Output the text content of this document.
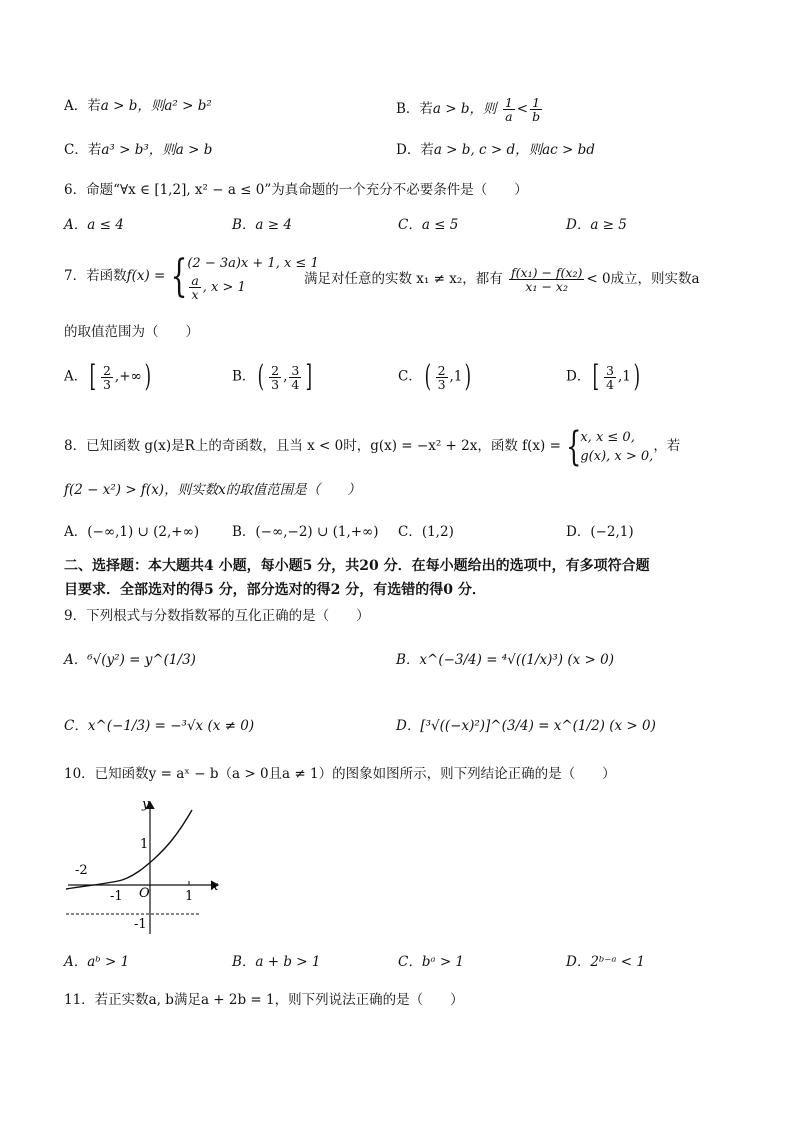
A．若a > b，则a² > b²	B．若a > b，则 $\frac{1}{a} < \frac{1}{b}$
C．若a³ > b³，则a > b	D．若a > b, c > d，则ac > bd
6．命题“∀x ∈ [1,2], x² − a ≤ 0”为真命题的一个充分不必要条件是（　　）
A．a ≤ 4	B．a ≥ 4	C．a ≤ 5	D．a ≥ 5
7．若函数f(x) = { (2 − 3a)x + 1, x ≤ 1
$\frac{a}{x}$ , x > 1	满足对任意的实数 x₁ ≠ x₂，都有 $\frac{\text{f(x₁) − f(x₂)}}{\text{x₁ − x₂}} < 0$成立，则实数a
的取值范围为（　　）
A．[ $\frac{2}{3}$ ,+∞)	B．( $\frac{2}{3}$ , $\frac{3}{4}$ ]	C．( $\frac{2}{3} ,1$)	D．[ $\frac{3}{4} ,1$)
8．已知函数 g(x)是R上的奇函数，且当 x < 0时，g(x) = −x² + 2x，函数 f(x) = { x, x ≤ 0,
g(x), x > 0,
，若
f(2 − x²) > f(x)，则实数x的取值范围是（　　）
A．(−∞,1) ∪ (2,+∞) B．(−∞,−2) ∪ (1,+∞) C．(1,2)	D．(−2,1)
二、选择题：本大题共4 小题，每小题5 分，共20 分．在每小题给出的选项中，有多项符合题
目要求．全部选对的得5 分，部分选对的得2 分，有选错的得0 分．
9．下列根式与分数指数幂的互化正确的是（　　）
A．⁶√(y²) = y^(1/3)	B．x^(−3/4) = ⁴√((1/x)³) (x > 0)
C．x^(−1/3) = −³√x (x ≠ 0)	D．[³√((−x)²)]^(3/4) = x^(1/2) (x > 0)
10．已知函数y = aˣ − b（a > 0且a ≠ 1）的图象如图所示，则下列结论正确的是（　　）
y
x
O
1
-1
-2
-1	1
A．aᵇ > 1	B．a + b > 1	C．bᵃ > 1	D．2ᵇ⁻ᵃ < 1
11．若正实数a, b满足a + 2b = 1，则下列说法正确的是（　　）
